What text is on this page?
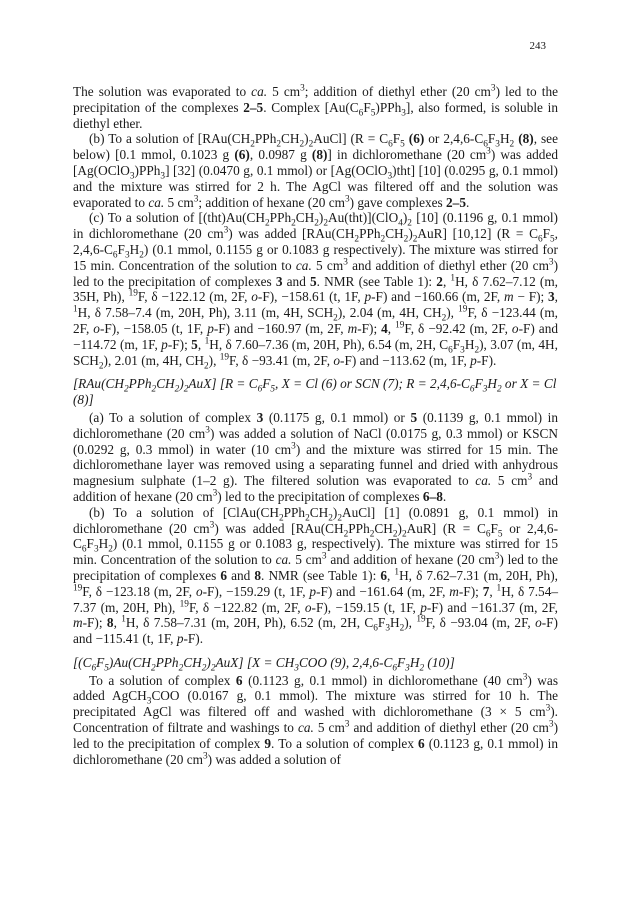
243

The solution was evaporated to ca. 5 $cm^3$; addition of diethyl ether (20 $cm^3$) led to the precipitation of the complexes 2–5. Complex $[Au(C_6F_5)PPh_3]$, also formed, is soluble in diethyl ether.

(b) To a solution of $[RAu(CH_2PPh_2CH_2)_2AuCl] (R = C_6F_5$ (6) or $2,4,6-C_6F_3H_2$ (8), see below) [0.1 mmol, 0.1023 g (6), 0.0987 g (8)] in dichloromethane (20 $cm^3$) was added [Ag(OClO$_3$)PPh$_3$] [32] (0.0470 g, 0.1 mmol) or [Ag(OClO$_3$)tht] [10] (0.0295 g, 0.1 mmol) and the mixture was stirred for 2 h. The AgCl was filtered off and the solution was evaporated to ca. 5 $cm^3$; addition of hexane (20 $cm^3$) gave complexes 2–5.

(c) To a solution of $[(tht)Au(CH_2PPh_2CH_2)_2Au(tht)](ClO_4)_2$ [10] (0.1196 g, 0.1 mmol) in dichloromethane (20 $cm^3$) was added $[RAu(CH_2PPh_2CH_2)_2AuR]$ [10,12] ($R = C_6F_5$, $2,4,6-C_6F_3H_2$) (0.1 mmol, 0.1155 g or 0.1083 g respectively). The mixture was stirred for 15 min. Concentration of the solution to ca. 5 $cm^3$ and addition of diethyl ether (20 $cm^3$) led to the precipitation of complexes 3 and 5. NMR (see Table 1): 2, $^1$H, δ 7.62–7.12 (m, 35H, Ph), $^{19}$F, δ −122.12 (m, 2F, o-F), −158.61 (t, 1F, p-F) and −160.66 (m, 2F, m − F); 3, $^1$H, δ 7.58–7.4 (m, 20H, Ph), 3.11 (m, 4H, $SCH_2$), 2.04 (m, 4H, $CH_2$), $^{19}$F, δ −123.44 (m, 2F, o-F), −158.05 (t, 1F, p-F) and −160.97 (m, 2F, m-F); 4, $^{19}$F, δ −92.42 (m, 2F, o-F) and −114.72 (m, 1F, p-F); 5, $^1$H, δ 7.60–7.36 (m, 20H, Ph), 6.54 (m, 2H, $C_6F_3H_2$), 3.07 (m, 4H, $SCH_2$), 2.01 (m, 4H, $CH_2$), $^{19}$F, δ −93.41 (m, 2F, o-F) and −113.62 (m, 1F, p-F).

$[RAu(CH_2PPh_2CH_2)_2AuX] [R = C_6F_5$, X = Cl (6) or SCN (7); $R = 2,4,6-C_6F_3H_2$ or X = Cl (8)]

(a) To a solution of complex 3 (0.1175 g, 0.1 mmol) or 5 (0.1139 g, 0.1 mmol) in dichloromethane (20 $cm^3$) was added a solution of NaCl (0.0175 g, 0.3 mmol) or KSCN (0.0292 g, 0.3 mmol) in water (10 $cm^3$) and the mixture was stirred for 15 min. The dichloromethane layer was removed using a separating funnel and dried with anhydrous magnesium sulphate (1–2 g). The filtered solution was evaporated to ca. 5 $cm^3$ and addition of hexane (20 $cm^3$) led to the precipitation of complexes 6–8.

(b) To a solution of $[ClAu(CH_2PPh_2CH_2)_2AuCl]$ [1] (0.0891 g, 0.1 mmol) in dichloromethane (20 $cm^3$) was added $[RAu(CH_2PPh_2CH_2)_2AuR] (R = C_6F_5$ or $2,4,6-C_6F_3H_2$) (0.1 mmol, 0.1155 g or 0.1083 g, respectively). The mixture was stirred for 15 min. Concentration of the solution to ca. 5 $cm^3$ and addition of hexane (20 $cm^3$) led to the precipitation of complexes 6 and 8. NMR (see Table 1): 6, $^1$H, δ 7.62–7.31 (m, 20H, Ph), $^{19}$F, δ −123.18 (m, 2F, o-F), −159.29 (t, 1F, p-F) and −161.64 (m, 2F, m-F); 7, $^1$H, δ 7.54–7.37 (m, 20H, Ph), $^{19}$F, δ −122.82 (m, 2F, o-F), −159.15 (t, 1F, p-F) and −161.37 (m, 2F, m-F); 8, $^1$H, δ 7.58–7.31 (m, 20H, Ph), 6.52 (m, 2H, $C_6F_3H_2$), $^{19}$F, δ −93.04 (m, 2F, o-F) and −115.41 (t, 1F, p-F).

$[(C_6F_5)Au(CH_2PPh_2CH_2)_2AuX] [X = CH_3COO$ (9), $2,4,6-C_6F_3H_2$ (10)]

To a solution of complex 6 (0.1123 g, 0.1 mmol) in dichloromethane (40 $cm^3$) was added AgCH$_3$COO (0.0167 g, 0.1 mmol). The mixture was stirred for 10 h. The precipitated AgCl was filtered off and washed with dichloromethane (3 × 5 $cm^3$). Concentration of filtrate and washings to ca. 5 $cm^3$ and addition of diethyl ether (20 $cm^3$) led to the precipitation of complex 9. To a solution of complex 6 (0.1123 g, 0.1 mmol) in dichloromethane (20 $cm^3$) was added a solution of
